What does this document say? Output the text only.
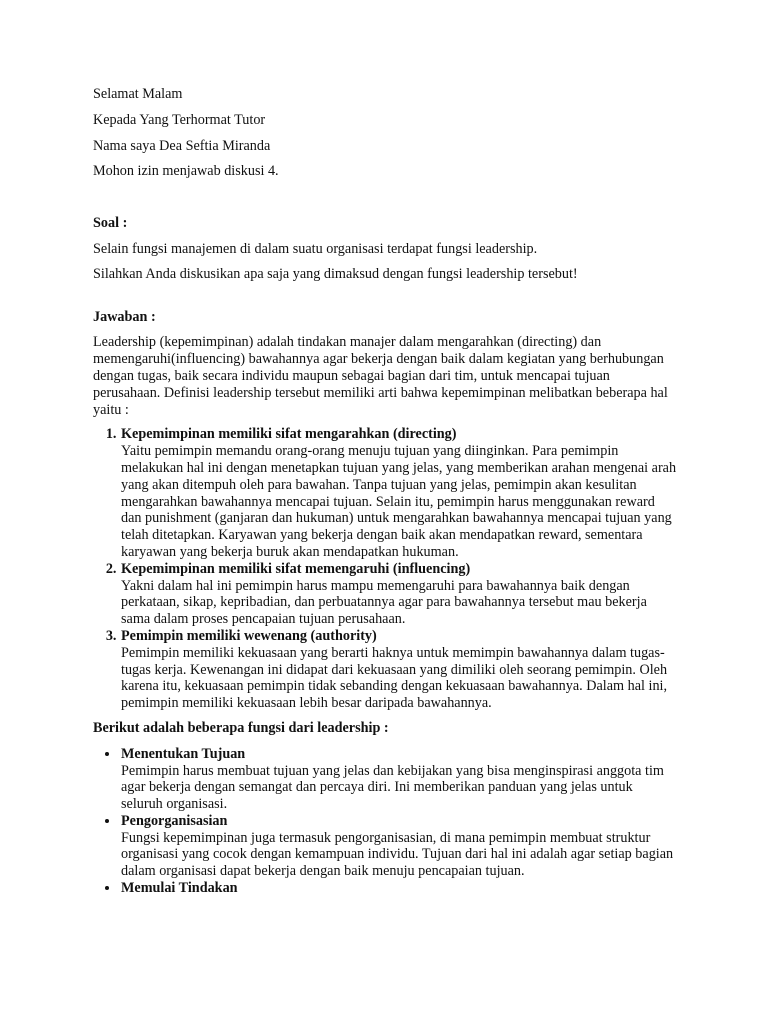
Selamat Malam

Kepada Yang Terhormat Tutor

Nama saya Dea Seftia Miranda

Mohon izin menjawab diskusi 4.

Soal :

Selain fungsi manajemen di dalam suatu organisasi terdapat fungsi leadership.

Silahkan Anda diskusikan apa saja yang dimaksud dengan fungsi leadership tersebut!

Jawaban :

Leadership (kepemimpinan) adalah tindakan manajer dalam mengarahkan (directing) dan memengaruhi(influencing) bawahannya agar bekerja dengan baik dalam kegiatan yang berhubungan dengan tugas, baik secara individu maupun sebagai bagian dari tim, untuk mencapai tujuan perusahaan. Definisi leadership tersebut memiliki arti bahwa kepemimpinan melibatkan beberapa hal yaitu :

1. Kepemimpinan memiliki sifat mengarahkan (directing)
Yaitu pemimpin memandu orang-orang menuju tujuan yang diinginkan. Para pemimpin melakukan hal ini dengan menetapkan tujuan yang jelas, yang memberikan arahan mengenai arah yang akan ditempuh oleh para bawahan. Tanpa tujuan yang jelas, pemimpin akan kesulitan mengarahkan bawahannya mencapai tujuan. Selain itu, pemimpin harus menggunakan reward dan punishment (ganjaran dan hukuman) untuk mengarahkan bawahannya mencapai tujuan yang telah ditetapkan. Karyawan yang bekerja dengan baik akan mendapatkan reward, sementara karyawan yang bekerja buruk akan mendapatkan hukuman.
2. Kepemimpinan memiliki sifat memengaruhi (influencing)
Yakni dalam hal ini pemimpin harus mampu memengaruhi para bawahannya baik dengan perkataan, sikap, kepribadian, dan perbuatannya agar para bawahannya tersebut mau bekerja sama dalam proses pencapaian tujuan perusahaan.
3. Pemimpin memiliki wewenang (authority)
Pemimpin memiliki kekuasaan yang berarti haknya untuk memimpin bawahannya dalam tugas-tugas kerja. Kewenangan ini didapat dari kekuasaan yang dimiliki oleh seorang pemimpin. Oleh karena itu, kekuasaan pemimpin tidak sebanding dengan kekuasaan bawahannya. Dalam hal ini, pemimpin memiliki kekuasaan lebih besar daripada bawahannya.

Berikut adalah beberapa fungsi dari leadership :

• Menentukan Tujuan
Pemimpin harus membuat tujuan yang jelas dan kebijakan yang bisa menginspirasi anggota tim agar bekerja dengan semangat dan percaya diri. Ini memberikan panduan yang jelas untuk seluruh organisasi.
• Pengorganisasian
Fungsi kepemimpinan juga termasuk pengorganisasian, di mana pemimpin membuat struktur organisasi yang cocok dengan kemampuan individu. Tujuan dari hal ini adalah agar setiap bagian dalam organisasi dapat bekerja dengan baik menuju pencapaian tujuan.
• Memulai Tindakan
